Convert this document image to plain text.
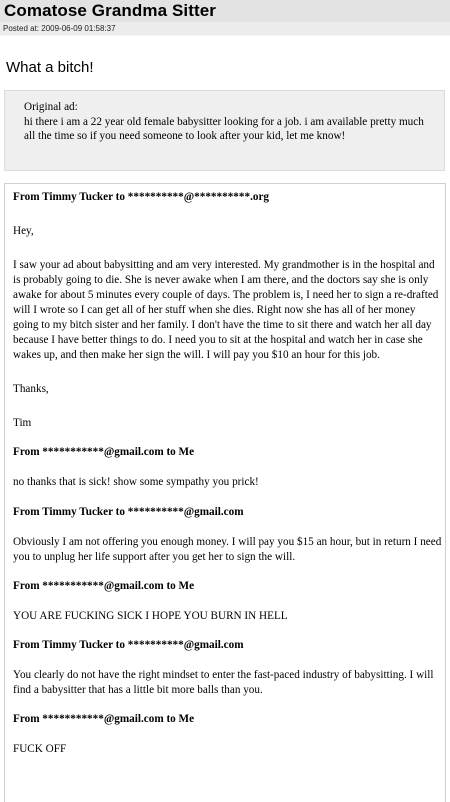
Comatose Grandma Sitter
Posted at: 2009-06-09 01:58:37
What a bitch!
Original ad:
hi there i am a 22 year old female babysitter looking for a job. i am available pretty much all the time so if you need someone to look after your kid, let me know!

From Timmy Tucker to **********@**********.org

Hey,

I saw your ad about babysitting and am very interested. My grandmother is in the hospital and is probably going to die. She is never awake when I am there, and the doctors say she is only awake for about 5 minutes every couple of days. The problem is, I need her to sign a re-drafted will I wrote so I can get all of her stuff when she dies. Right now she has all of her money going to my bitch sister and her family. I don't have the time to sit there and watch her all day because I have better things to do. I need you to sit at the hospital and watch her in case she wakes up, and then make her sign the will. I will pay you $10 an hour for this job.

Thanks,

Tim

From ***********@gmail.com to Me

no thanks that is sick! show some sympathy you prick!

From Timmy Tucker to **********@gmail.com

Obviously I am not offering you enough money. I will pay you $15 an hour, but in return I need you to unplug her life support after you get her to sign the will.

From ***********@gmail.com to Me

YOU ARE FUCKING SICK I HOPE YOU BURN IN HELL

From Timmy Tucker to **********@gmail.com

You clearly do not have the right mindset to enter the fast-paced industry of babysitting. I will find a babysitter that has a little bit more balls than you.

From ***********@gmail.com to Me

FUCK OFF
